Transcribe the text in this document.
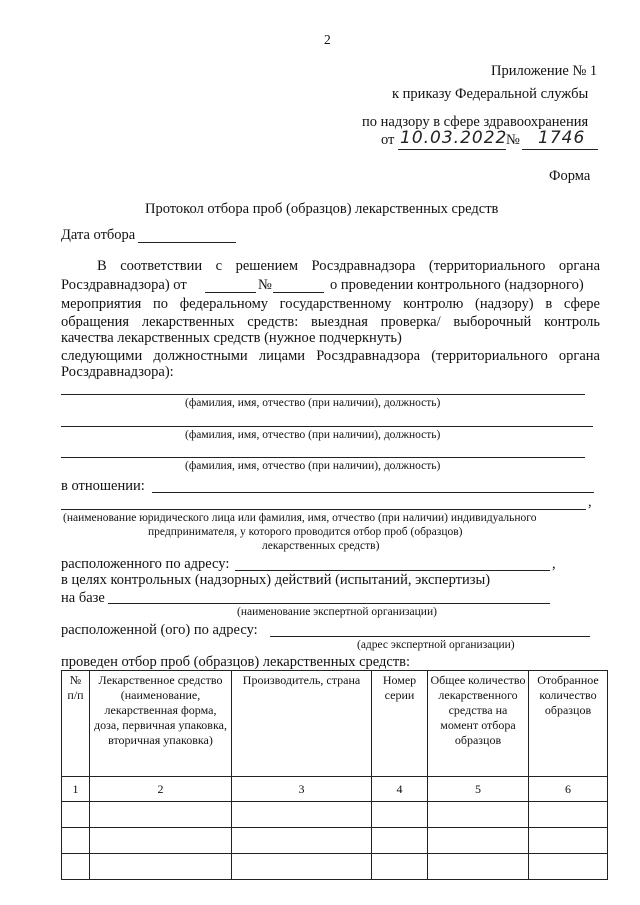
2
Приложение № 1
к приказу Федеральной службы
по надзору в сфере здравоохранения
от 10.03.2022
№ 1746
Форма
Протокол отбора проб (образцов) лекарственных средств
Дата отбора
В соответствии с решением Росздравнадзора (территориального органа
Росздравнадзора) от	№	о проведении контрольного (надзорного)
мероприятия по федеральному государственному контролю (надзору) в сфере
обращения лекарственных средств: выездная проверка/ выборочный контроль
качества лекарственных средств (нужное подчеркнуть)
следующими должностными лицами Росздравнадзора (территориального органа
Росздравнадзора):
(фамилия, имя, отчество (при наличии), должность)
(фамилия, имя, отчество (при наличии), должность)
(фамилия, имя, отчество (при наличии), должность)
в отношении:
,
(наименование юридического лица или фамилия, имя, отчество (при наличии) индивидуального
предпринимателя, у которого проводится отбор проб (образцов)
лекарственных средств)
расположенного по адресу:	,
в целях контрольных (надзорных) действий (испытаний, экспертизы)
на базе
(наименование экспертной организации)
расположенной (ого) по адресу:
(адрес экспертной организации)
проведен отбор проб (образцов) лекарственных средств:
№ п/п	Лекарственное средство (наименование, лекарственная форма, доза, первичная упаковка, вторичная упаковка)	Производитель, страна	Номер серии	Общее количество лекарственного средства на момент отбора образцов	Отобранное количество образцов
1	2	3	4	5	6
